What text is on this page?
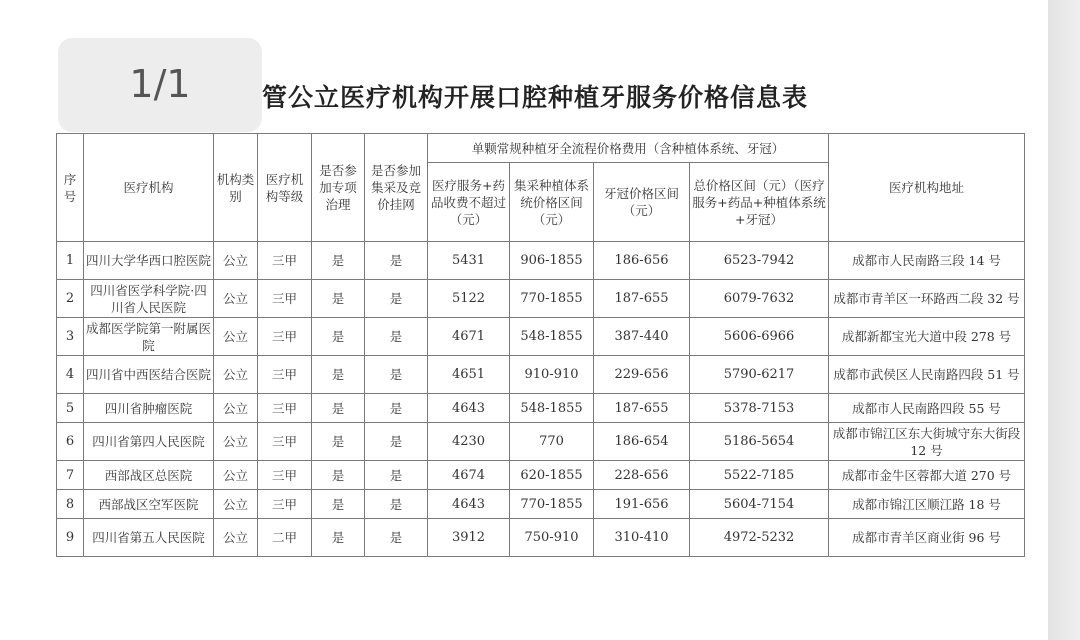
管公立医疗机构开展口腔种植牙服务价格信息表
序号	医疗机构	机构类别	医疗机构等级	是否参加专项治理	是否参加集采及竞价挂网	单颗常规种植牙全流程价格费用（含种植体系统、牙冠）				医疗机构地址
						医疗服务+药品收费不超过（元）	集采种植体系统价格区间（元）	牙冠价格区间（元）	总价格区间（元）（医疗服务+药品+种植体系统+牙冠）	
1	四川大学华西口腔医院	公立	三甲	是	是	5431	906-1855	186-656	6523-7942	成都市人民南路三段 14 号
2	四川省医学科学院·四川省人民医院	公立	三甲	是	是	5122	770-1855	187-655	6079-7632	成都市青羊区一环路西二段 32 号
3	成都医学院第一附属医院	公立	三甲	是	是	4671	548-1855	387-440	5606-6966	成都新都宝光大道中段 278 号
4	四川省中西医结合医院	公立	三甲	是	是	4651	910-910	229-656	5790-6217	成都市武侯区人民南路四段 51 号
5	四川省肿瘤医院	公立	三甲	是	是	4643	548-1855	187-655	5378-7153	成都市人民南路四段 55 号
6	四川省第四人民医院	公立	三甲	是	是	4230	770	186-654	5186-5654	成都市锦江区东大街城守东大街段 12 号
7	西部战区总医院	公立	三甲	是	是	4674	620-1855	228-656	5522-7185	成都市金牛区蓉都大道 270 号
8	西部战区空军医院	公立	三甲	是	是	4643	770-1855	191-656	5604-7154	成都市锦江区顺江路 18 号
9	四川省第五人民医院	公立	二甲	是	是	3912	750-910	310-410	4972-5232	成都市青羊区商业街 96 号
1/1
